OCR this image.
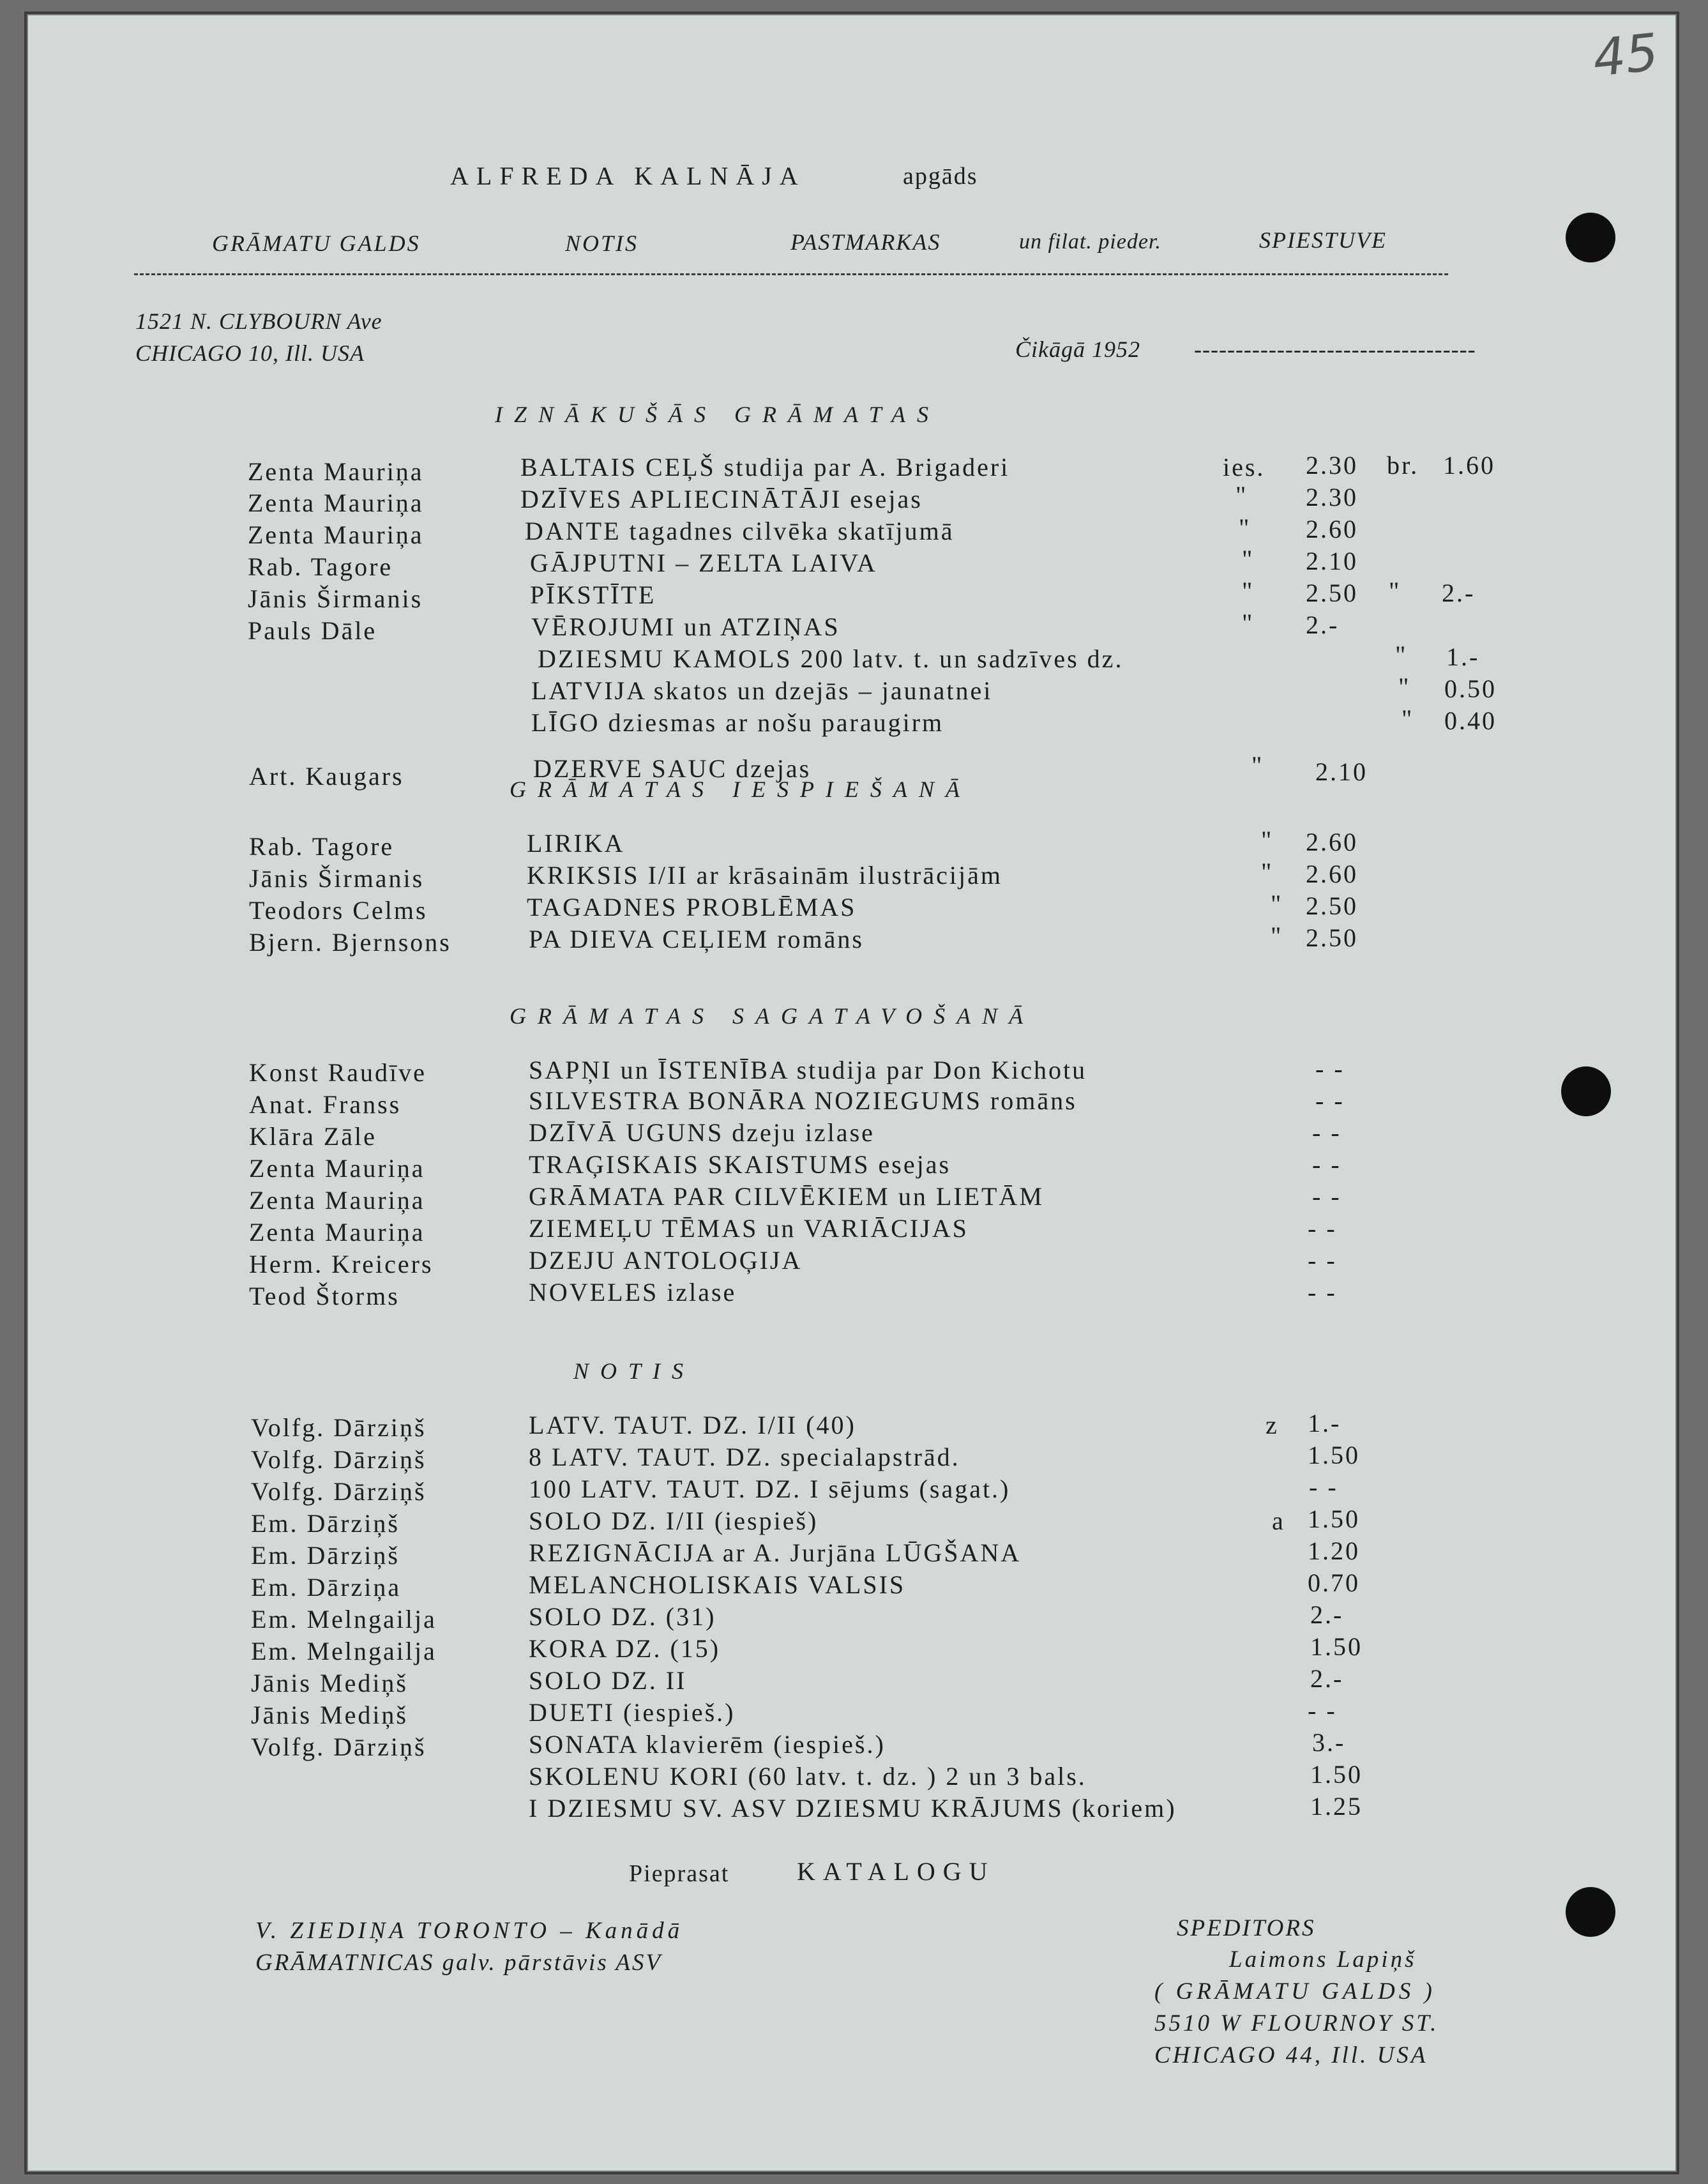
45
ALFREDA KALNĀJA	apgāds
GRĀMATU GALDS	NOTIS	PASTMARKAS	un filat. pieder.	SPIESTUVE
1521 N. CLYBOURN Ave
CHICAGO 10, Ill. USA	Čikāgā 1952 ----------------------------------
IZNĀKUŠĀS GRĀMATAS
Zenta Mauriņa	BALTAIS CEĻŠ studija par A. Brigaderi	ies. 2.30 br. 1.60
Zenta Mauriņa	DZĪVES APLIECINĀTĀJI esejas	" 2.30
Zenta Mauriņa	DANTE tagadnes cilvēka skatījumā	" 2.60
Rab. Tagore	GĀJPUTNI – ZELTA LAIVA	" 2.10
Jānis Širmanis	PĪKSTĪTE	" 2.50 " 2.-
Pauls Dāle	VĒROJUMI un ATZIŅAS	" 2.-
DZIESMU KAMOLS 200 latv. t. un sadzīves dz.	" 1.-
LATVIJA skatos un dzejās – jaunatnei	" 0.50
LĪGO dziesmas ar nošu paraugirm	" 0.40
Art. Kaugars	DZERVE SAUC dzejas	" 2.10
GRĀMATAS IESPIEŠANĀ
Rab. Tagore	LIRIKA	" 2.60
Jānis Širmanis	KRIKSIS I/II ar krāsainām ilustrācijām	" 2.60
Teodors Celms	TAGADNES PROBLĒMAS	" 2.50
Bjern. Bjernsons	PA DIEVA CEĻIEM romāns	" 2.50
GRĀMATAS SAGATAVOŠANĀ
Konst Raudīve	SAPŅI un ĪSTENĪBA studija par Don Kichotu	- -
Anat. Franss	SILVESTRA BONĀRA NOZIEGUMS romāns	- -
Klāra Zāle	DZĪVĀ UGUNS dzeju izlase	- -
Zenta Mauriņa	TRAĢISKAIS SKAISTUMS esejas	- -
Zenta Mauriņa	GRĀMATA PAR CILVĒKIEM un LIETĀM	- -
Zenta Mauriņa	ZIEMEĻU TĒMAS un VARIĀCIJAS	- -
Herm. Kreicers	DZEJU ANTOLOĢIJA	- -
Teod Štorms	NOVELES izlase	- -
NOTIS
Volfg. Dārziņš	LATV. TAUT. DZ. I/II (40)	z 1.-
Volfg. Dārziņš	8 LATV. TAUT. DZ. specialapstrād.	1.50
Volfg. Dārziņš	100 LATV. TAUT. DZ. I sējums (sagat.)	- -
Em. Dārziņš	SOLO DZ. I/II (iespieš)	a 1.50
Em. Dārziņš	REZIGNĀCIJA ar A. Jurjāna LŪGŠANA	1.20
Em. Dārziņa	MELANCHOLISKAIS VALSIS	0.70
Em. Melngailja	SOLO DZ. (31)	2.-
Em. Melngailja	KORA DZ. (15)	1.50
Jānis Mediņš	SOLO DZ. II	2.-
Jānis Mediņš	DUETI (iespieš.)	- -
Volfg. Dārziņš	SONATA klavierēm (iespieš.)	3.-
SKOLENU KORI (60 latv. t. dz. ) 2 un 3 bals.	1.50
I DZIESMU SV. ASV DZIESMU KRĀJUMS (koriem)	1.25
Pieprasat	KATALOGU
V. ZIEDIŅA TORONTO – Kanādā
GRĀMATNICAS galv. pārstāvis ASV
SPEDITORS
Laimons Lapiņš
( GRĀMATU GALDS )
5510 W FLOURNOY ST.
CHICAGO 44, Ill. USA
